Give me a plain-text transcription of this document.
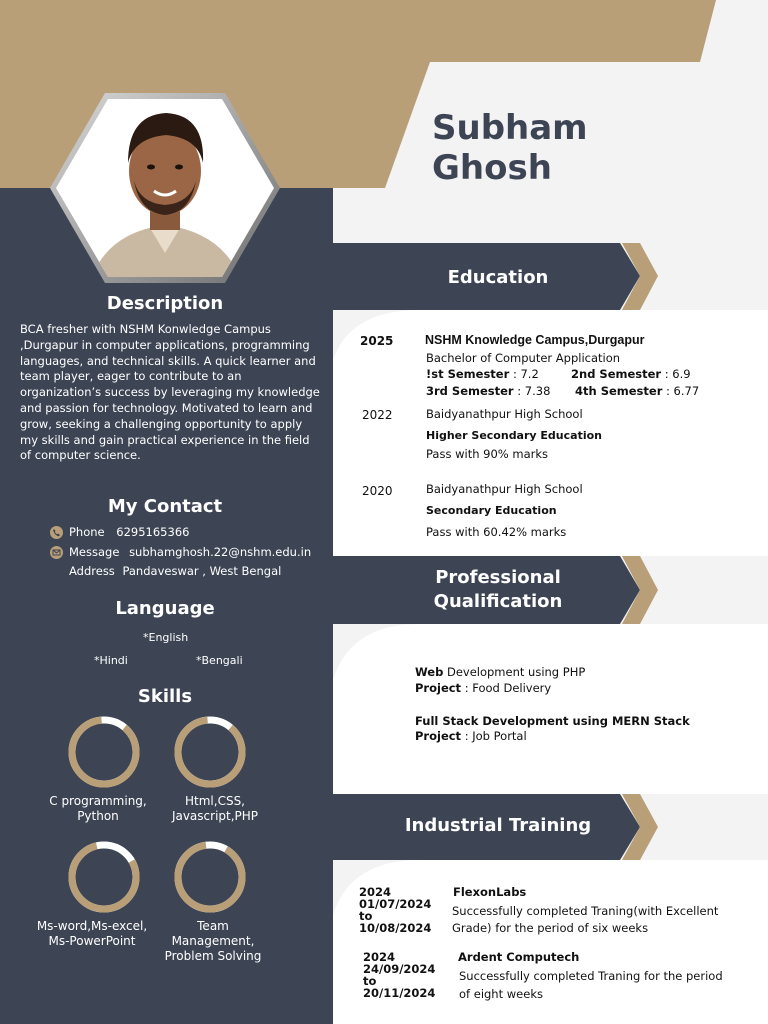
Subham
Ghosh
Description
BCA fresher with NSHM Konwledge Campus ,Durgapur in computer applications, programming languages, and technical skills. A quick learner and team player, eager to contribute to an organization’s success by leveraging my knowledge and passion for technology. Motivated to learn and grow, seeking a challenging opportunity to apply my skills and gain practical experience in the field of computer science.
My Contact
Phone 6295165366
Message subhamghosh.22@nshm.edu.in
Address Pandaveswar , West Bengal
Language
*English
*Hindi	*Bengali
Skills
C programming,
Python
Html,CSS,
Javascript,PHP
Ms-word,Ms-excel,
Ms-PowerPoint
Team
Management,
Problem Solving
Education
2025	NSHM Knowledge Campus,Durgapur
Bachelor of Computer Application
!st Semester : 7.2	2nd Semester : 6.9
3rd Semester : 7.38 4th Semester : 6.77
2022	Baidyanathpur High School
Higher Secondary Education
Pass with 90% marks
2020	Baidyanathpur High School
Secondary Education
Pass with 60.42% marks
Professional
Qualification
Web Development using PHP
Project : Food Delivery
Full Stack Development using MERN Stack
Project : Job Portal
Industrial Training
2024
01/07/2024
to
10/08/2024
FlexonLabs
Successfully completed Traning(with Excellent
Grade) for the period of six weeks
2024
24/09/2024
to
20/11/2024
Ardent Computech
Successfully completed Traning for the period
of eight weeks
